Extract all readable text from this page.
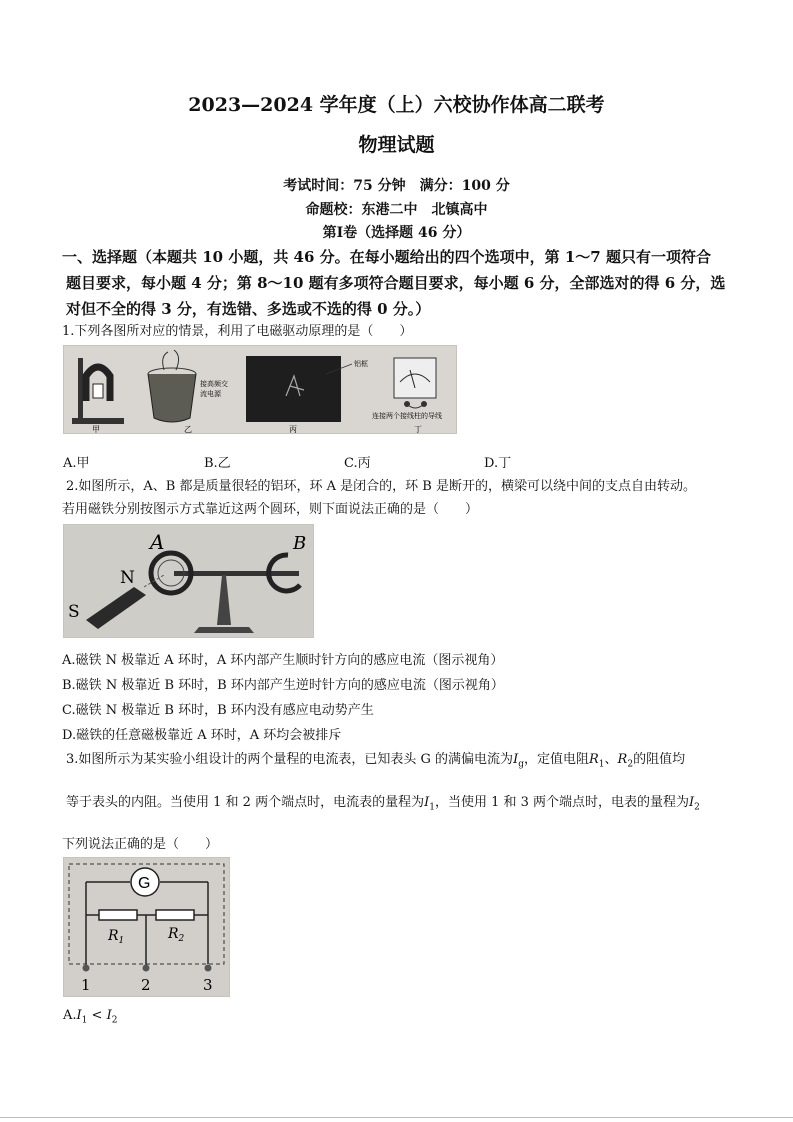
2023—2024 学年度（上）六校协作体高二联考
物理试题
考试时间：75 分钟　满分：100 分
命题校：东港二中　北镇高中
第Ⅰ卷（选择题 46 分）
一、选择题（本题共 10 小题，共 46 分。在每小题给出的四个选项中，第 1～7 题只有一项符合
题目要求，每小题 4 分；第 8～10 题有多项符合题目要求，每小题 6 分，全部选对的得 6 分，选
对但不全的得 3 分，有选错、多选或不选的得 0 分。）
1.下列各图所对应的情景，利用了电磁驱动原理的是（　　）
甲
接高频交
流电源
乙
铝框
丙
连接两个接线柱的导线
丁
A.甲	B.乙	C.丙	D.丁
2.如图所示，A、B 都是质量很轻的铝环，环 A 是闭合的，环 B 是断开的，横梁可以绕中间的支点自由转动。
若用磁铁分别按图示方式靠近这两个圆环，则下面说法正确的是（　　）
A	B
N
S
A.磁铁 N 极靠近 A 环时，A 环内部产生顺时针方向的感应电流（图示视角）
B.磁铁 N 极靠近 B 环时，B 环内部产生逆时针方向的感应电流（图示视角）
C.磁铁 N 极靠近 B 环时，B 环内没有感应电动势产生
D.磁铁的任意磁极靠近 A 环时，A 环均会被排斥
3.如图所示为某实验小组设计的两个量程的电流表，已知表头 G 的满偏电流为$I_g$，定值电阻$R_1$、$R_2$的阻值均
等于表头的内阻。当使用 1 和 2 两个端点时，电流表的量程为$I_1$，当使用 1 和 3 两个端点时，电表的量程为$I_2$
下列说法正确的是（　　）
G
$R_1$	$R_2$
1	2	3
$A.I_1 < I_2$
